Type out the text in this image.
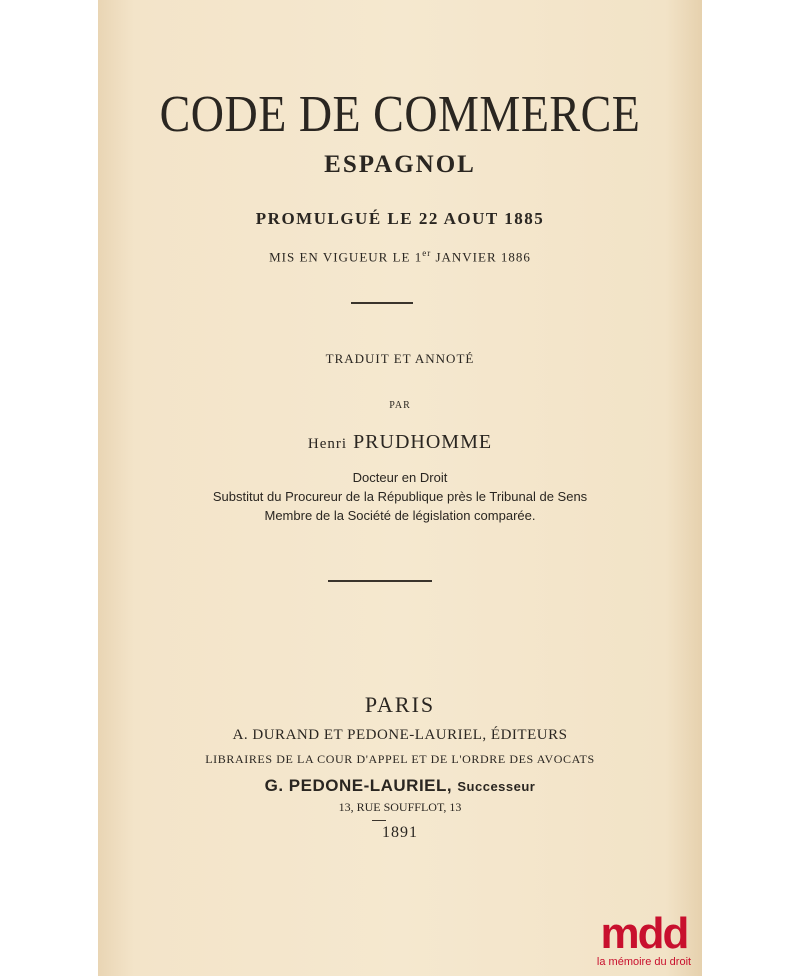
CODE DE COMMERCE
ESPAGNOL
PROMULGUÉ LE 22 AOUT 1885
MIS EN VIGUEUR LE 1er JANVIER 1886
TRADUIT ET ANNOTÉ
PAR
Henri PRUDHOMME
Docteur en Droit
Substitut du Procureur de la République près le Tribunal de Sens
Membre de la Société de législation comparée.
PARIS
A. DURAND ET PEDONE-LAURIEL, ÉDITEURS
LIBRAIRES DE LA COUR D'APPEL ET DE L'ORDRE DES AVOCATS
G. PEDONE-LAURIEL, Successeur
13, RUE SOUFFLOT, 13
1891
mdd
la mémoire du droit
